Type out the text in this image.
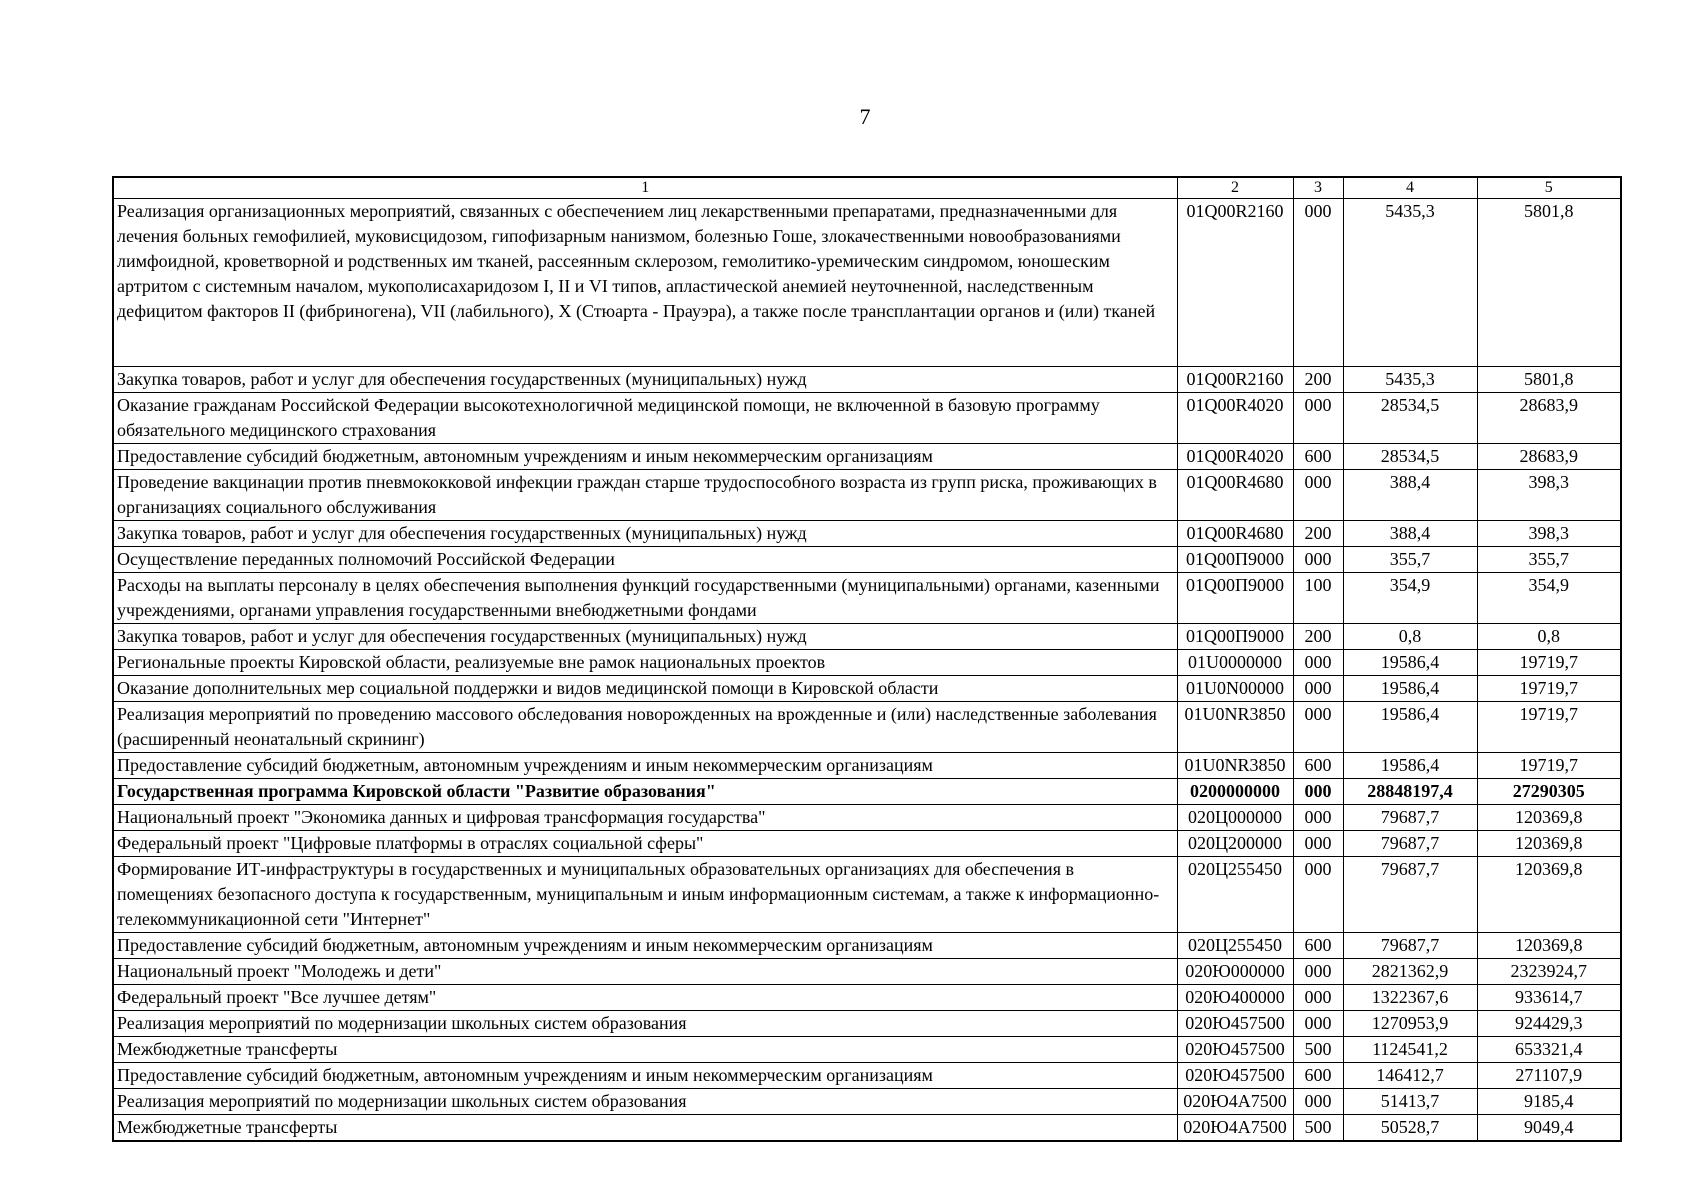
7
1	2	3	4	5
Реализация организационных мероприятий, связанных с обеспечением лиц лекарственными препаратами, предназначенными для лечения больных гемофилией, муковисцидозом, гипофизарным нанизмом, болезнью Гоше, злокачественными новообразованиями лимфоидной, кроветворной и родственных им тканей, рассеянным склерозом, гемолитико-уремическим синдромом, юношеским артритом с системным началом, мукополисахаридозом I, II и VI типов, апластической анемией неуточненной, наследственным дефицитом факторов II (фибриногена), VII (лабильного), X (Стюарта - Прауэра), а также после трансплантации органов и (или) тканей	01Q00R2160	000	5435,3	5801,8
Закупка товаров, работ и услуг для обеспечения государственных (муниципальных) нужд	01Q00R2160	200	5435,3	5801,8
Оказание гражданам Российской Федерации высокотехнологичной медицинской помощи, не включенной в базовую программу обязательного медицинского страхования	01Q00R4020	000	28534,5	28683,9
Предоставление субсидий бюджетным, автономным учреждениям и иным некоммерческим организациям	01Q00R4020	600	28534,5	28683,9
Проведение вакцинации против пневмококковой инфекции граждан старше трудоспособного возраста из групп риска, проживающих в организациях социального обслуживания	01Q00R4680	000	388,4	398,3
Закупка товаров, работ и услуг для обеспечения государственных (муниципальных) нужд	01Q00R4680	200	388,4	398,3
Осуществление переданных полномочий Российской Федерации	01Q00П9000	000	355,7	355,7
Расходы на выплаты персоналу в целях обеспечения выполнения функций государственными (муниципальными) органами, казенными учреждениями, органами управления государственными внебюджетными фондами	01Q00П9000	100	354,9	354,9
Закупка товаров, работ и услуг для обеспечения государственных (муниципальных) нужд	01Q00П9000	200	0,8	0,8
Региональные проекты Кировской области, реализуемые вне рамок национальных проектов	01U0000000	000	19586,4	19719,7
Оказание дополнительных мер социальной поддержки и видов медицинской помощи в Кировской области	01U0N00000	000	19586,4	19719,7
Реализация мероприятий по проведению массового обследования новорожденных на врожденные и (или) наследственные заболевания (расширенный неонатальный скрининг)	01U0NR3850	000	19586,4	19719,7
Предоставление субсидий бюджетным, автономным учреждениям и иным некоммерческим организациям	01U0NR3850	600	19586,4	19719,7
Государственная программа Кировской области "Развитие образования"	0200000000	000	28848197,4	27290305
Национальный проект "Экономика данных и цифровая трансформация государства"	020Ц000000	000	79687,7	120369,8
Федеральный проект "Цифровые платформы в отраслях социальной сферы"	020Ц200000	000	79687,7	120369,8
Формирование ИТ-инфраструктуры в государственных и муниципальных образовательных организациях для обеспечения в помещениях безопасного доступа к государственным, муниципальным и иным информационным системам, а также к информационно-телекоммуникационной сети "Интернет"	020Ц255450	000	79687,7	120369,8
Предоставление субсидий бюджетным, автономным учреждениям и иным некоммерческим организациям	020Ц255450	600	79687,7	120369,8
Национальный проект "Молодежь и дети"	020Ю000000	000	2821362,9	2323924,7
Федеральный проект "Все лучшее детям"	020Ю400000	000	1322367,6	933614,7
Реализация мероприятий по модернизации школьных систем образования	020Ю457500	000	1270953,9	924429,3
Межбюджетные трансферты	020Ю457500	500	1124541,2	653321,4
Предоставление субсидий бюджетным, автономным учреждениям и иным некоммерческим организациям	020Ю457500	600	146412,7	271107,9
Реализация мероприятий по модернизации школьных систем образования	020Ю4А7500	000	51413,7	9185,4
Межбюджетные трансферты	020Ю4А7500	500	50528,7	9049,4
